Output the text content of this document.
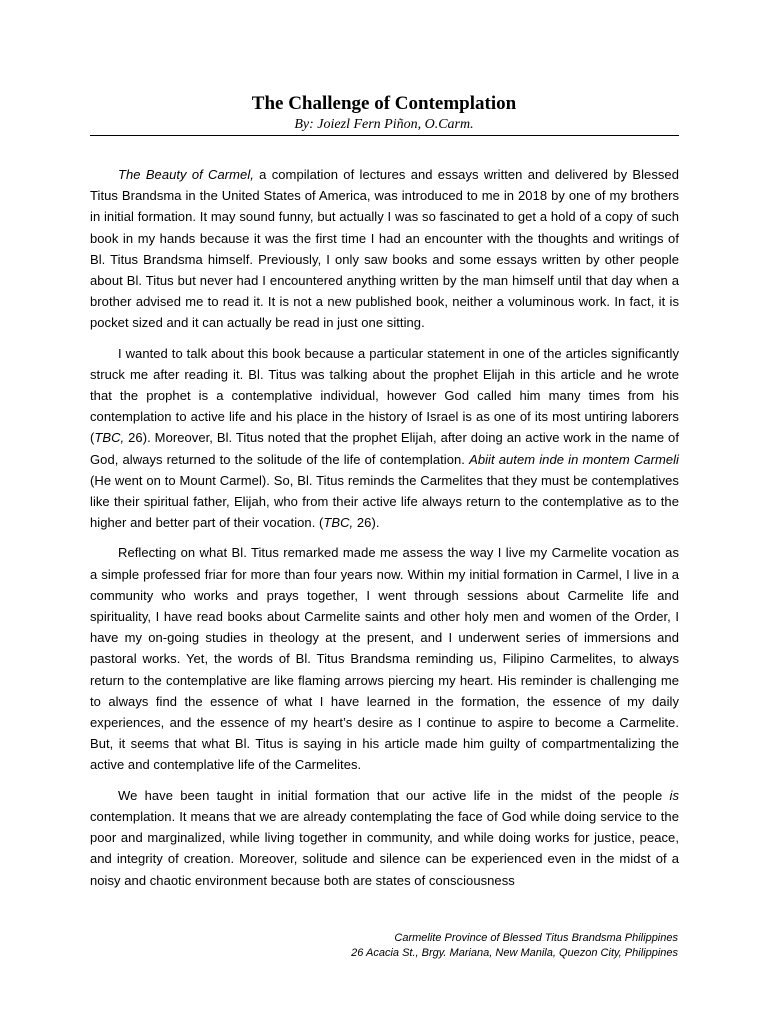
The Challenge of Contemplation

By: Joiezl Fern Piñon, O.Carm.

The Beauty of Carmel, a compilation of lectures and essays written and delivered by Blessed Titus Brandsma in the United States of America, was introduced to me in 2018 by one of my brothers in initial formation. It may sound funny, but actually I was so fascinated to get a hold of a copy of such book in my hands because it was the first time I had an encounter with the thoughts and writings of Bl. Titus Brandsma himself. Previously, I only saw books and some essays written by other people about Bl. Titus but never had I encountered anything written by the man himself until that day when a brother advised me to read it. It is not a new published book, neither a voluminous work. In fact, it is pocket sized and it can actually be read in just one sitting.

I wanted to talk about this book because a particular statement in one of the articles significantly struck me after reading it. Bl. Titus was talking about the prophet Elijah in this article and he wrote that the prophet is a contemplative individual, however God called him many times from his contemplation to active life and his place in the history of Israel is as one of its most untiring laborers (TBC, 26). Moreover, Bl. Titus noted that the prophet Elijah, after doing an active work in the name of God, always returned to the solitude of the life of contemplation. Abiit autem inde in montem Carmeli (He went on to Mount Carmel). So, Bl. Titus reminds the Carmelites that they must be contemplatives like their spiritual father, Elijah, who from their active life always return to the contemplative as to the higher and better part of their vocation. (TBC, 26).

Reflecting on what Bl. Titus remarked made me assess the way I live my Carmelite vocation as a simple professed friar for more than four years now. Within my initial formation in Carmel, I live in a community who works and prays together, I went through sessions about Carmelite life and spirituality, I have read books about Carmelite saints and other holy men and women of the Order, I have my on-going studies in theology at the present, and I underwent series of immersions and pastoral works. Yet, the words of Bl. Titus Brandsma reminding us, Filipino Carmelites, to always return to the contemplative are like flaming arrows piercing my heart. His reminder is challenging me to always find the essence of what I have learned in the formation, the essence of my daily experiences, and the essence of my heart’s desire as I continue to aspire to become a Carmelite. But, it seems that what Bl. Titus is saying in his article made him guilty of compartmentalizing the active and contemplative life of the Carmelites.

We have been taught in initial formation that our active life in the midst of the people is contemplation. It means that we are already contemplating the face of God while doing service to the poor and marginalized, while living together in community, and while doing works for justice, peace, and integrity of creation. Moreover, solitude and silence can be experienced even in the midst of a noisy and chaotic environment because both are states of consciousness

Carmelite Province of Blessed Titus Brandsma Philippines
26 Acacia St., Brgy. Mariana, New Manila, Quezon City, Philippines
